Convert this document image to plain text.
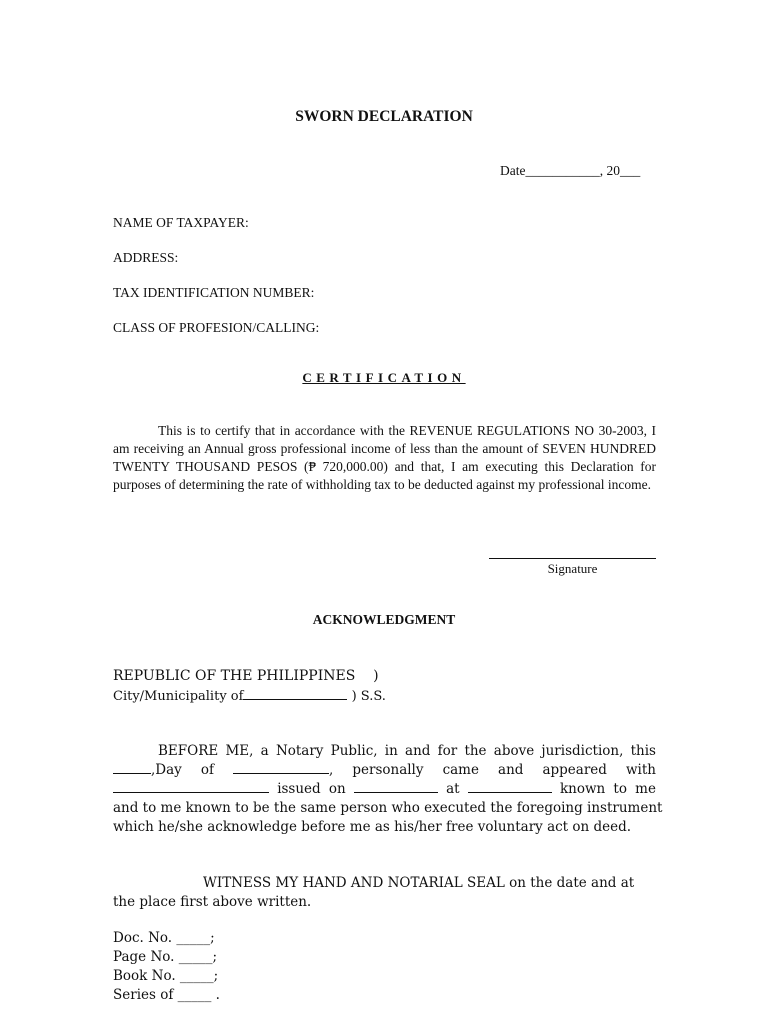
SWORN DECLARATION
Date___________, 20___
NAME OF TAXPAYER:
ADDRESS:
TAX IDENTIFICATION NUMBER:
CLASS OF PROFESION/CALLING:
CERTIFICATION
This is to certify that in accordance with the REVENUE REGULATIONS NO 30-2003, I am receiving an Annual gross professional income of less than the amount of SEVEN HUNDRED TWENTY THOUSAND PESOS (₱ 720,000.00) and that, I am executing this Declaration for purposes of determining the rate of withholding tax to be deducted against my professional income.
Signature
ACKNOWLEDGMENT
REPUBLIC OF THE PHILIPPINES    )
City/Municipality of	) S.S.
BEFORE ME, a Notary Public, in and for the above jurisdiction, this
,Day of	, personally came and appeared with
issued on	at	known to me
and to me known to be the same person who executed the foregoing instrument
which he/she acknowledge before me as his/her free voluntary act on deed.
WITNESS MY HAND AND NOTARIAL SEAL on the date and at the place first above written.
Doc. No. _____;
Page No. _____;
Book No. _____;
Series of _____ .
